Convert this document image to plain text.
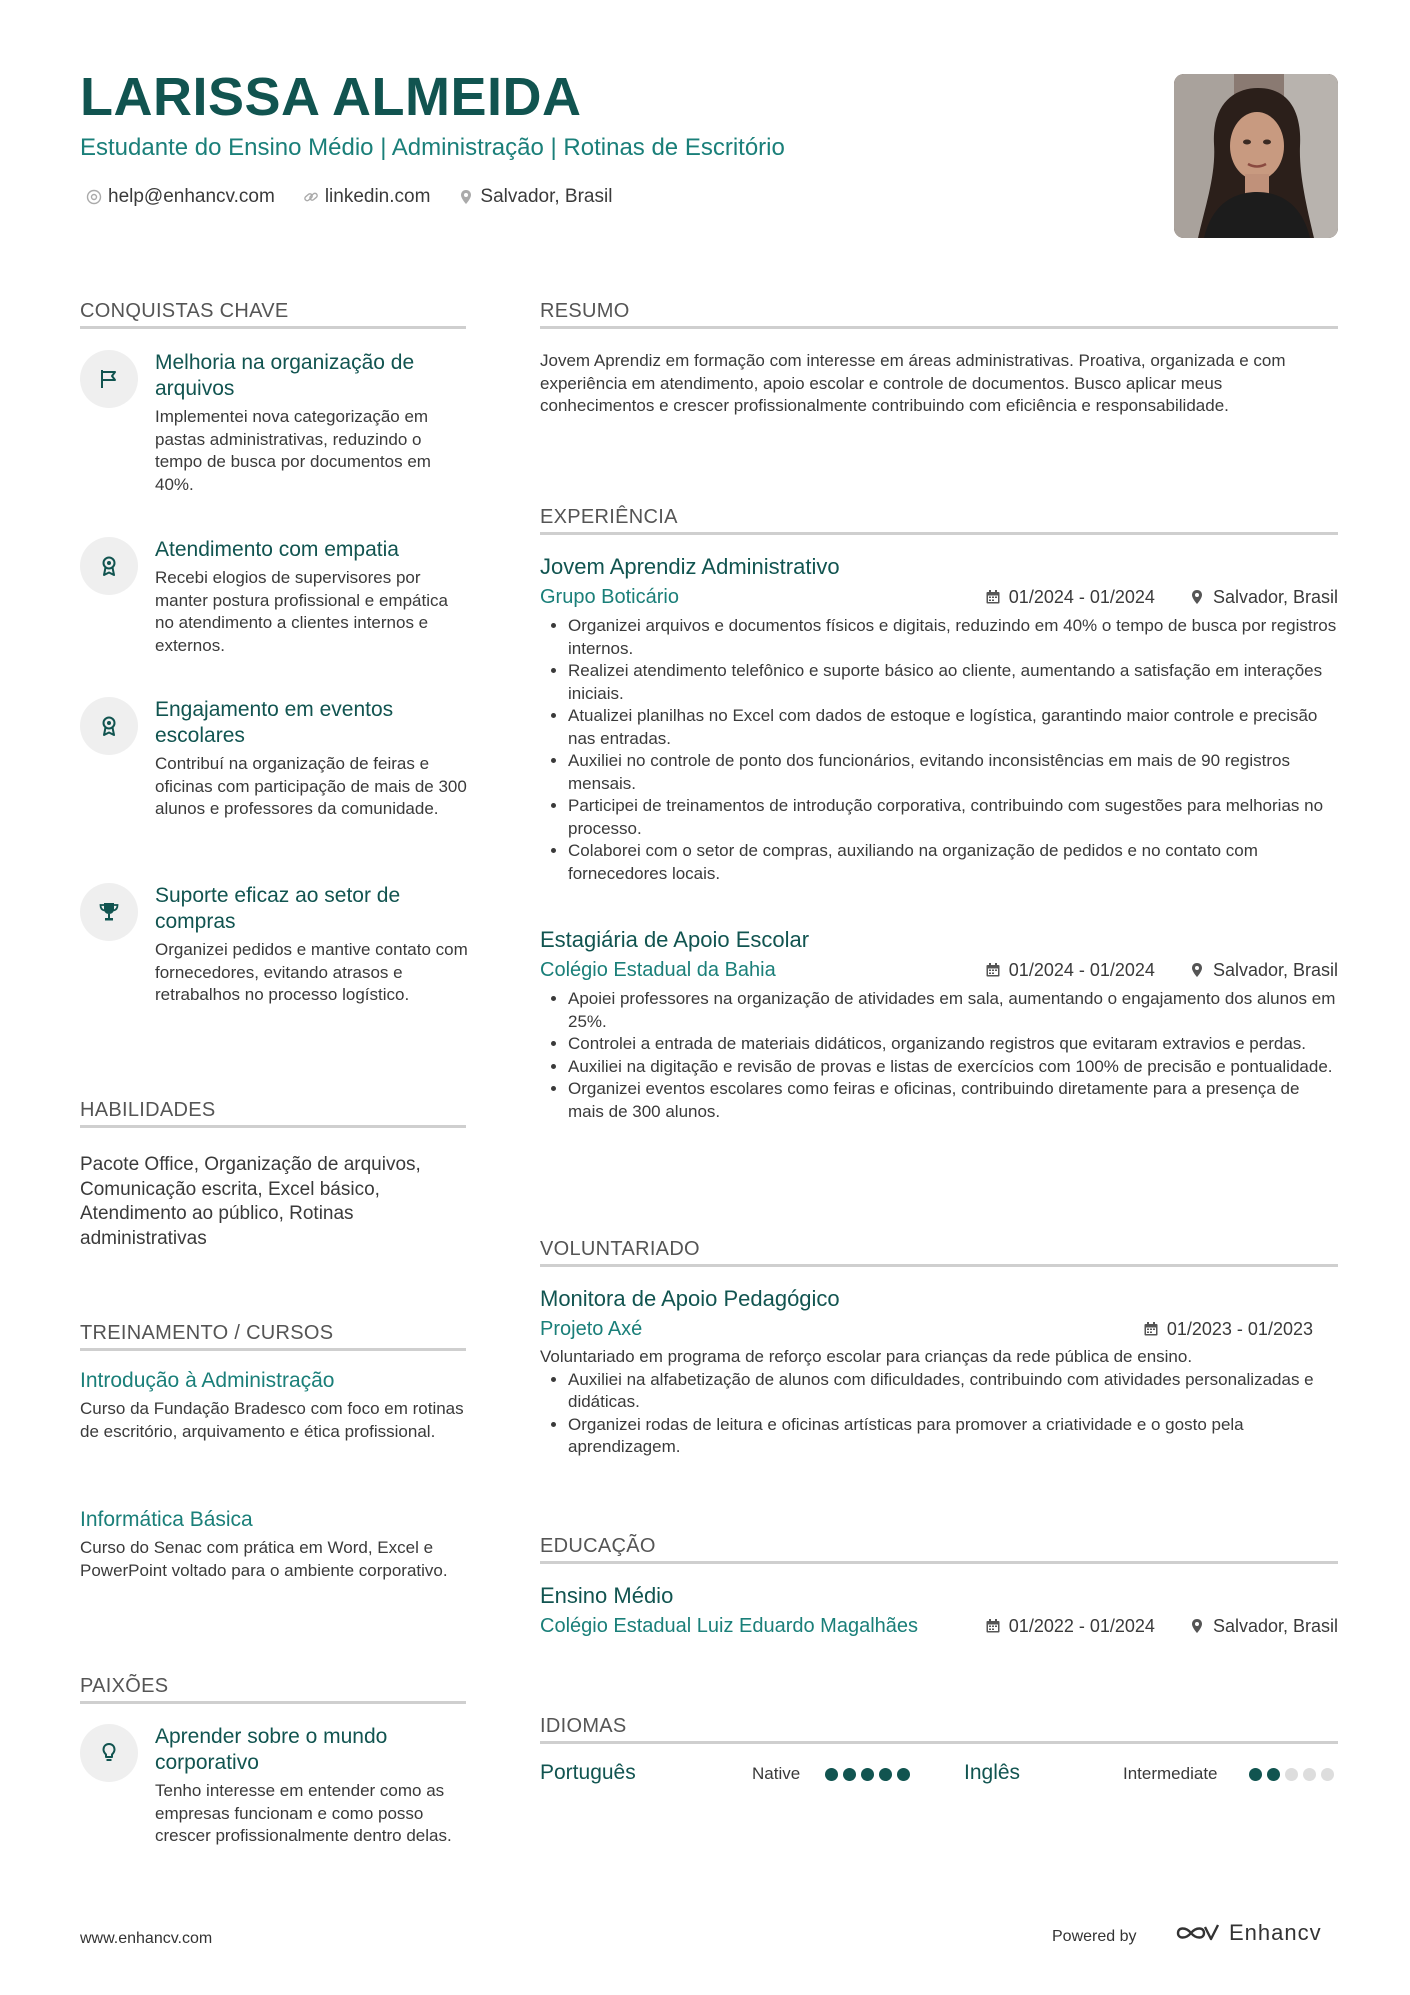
LARISSA ALMEIDA
Estudante do Ensino Médio | Administração | Rotinas de Escritório
help@enhancv.com	linkedin.com	Salvador, Brasil
CONQUISTAS CHAVE
Melhoria na organização de arquivos
Implementei nova categorização em pastas administrativas, reduzindo o tempo de busca por documentos em 40%.
Atendimento com empatia
Recebi elogios de supervisores por manter postura profissional e empática no atendimento a clientes internos e externos.
Engajamento em eventos escolares
Contribuí na organização de feiras e oficinas com participação de mais de 300 alunos e professores da comunidade.
Suporte eficaz ao setor de compras
Organizei pedidos e mantive contato com fornecedores, evitando atrasos e retrabalhos no processo logístico.
HABILIDADES
Pacote Office, Organização de arquivos, Comunicação escrita, Excel básico, Atendimento ao público, Rotinas administrativas
TREINAMENTO / CURSOS
Introdução à Administração
Curso da Fundação Bradesco com foco em rotinas de escritório, arquivamento e ética profissional.
Informática Básica
Curso do Senac com prática em Word, Excel e PowerPoint voltado para o ambiente corporativo.
PAIXÕES
Aprender sobre o mundo corporativo
Tenho interesse em entender como as empresas funcionam e como posso crescer profissionalmente dentro delas.
RESUMO
Jovem Aprendiz em formação com interesse em áreas administrativas. Proativa, organizada e com experiência em atendimento, apoio escolar e controle de documentos. Busco aplicar meus conhecimentos e crescer profissionalmente contribuindo com eficiência e responsabilidade.
EXPERIÊNCIA
Jovem Aprendiz Administrativo
Grupo Boticário	01/2024 - 01/2024	Salvador, Brasil
• Organizei arquivos e documentos físicos e digitais, reduzindo em 40% o tempo de busca por registros internos.
• Realizei atendimento telefônico e suporte básico ao cliente, aumentando a satisfação em interações iniciais.
• Atualizei planilhas no Excel com dados de estoque e logística, garantindo maior controle e precisão nas entradas.
• Auxiliei no controle de ponto dos funcionários, evitando inconsistências em mais de 90 registros mensais.
• Participei de treinamentos de introdução corporativa, contribuindo com sugestões para melhorias no processo.
• Colaborei com o setor de compras, auxiliando na organização de pedidos e no contato com fornecedores locais.
Estagiária de Apoio Escolar
Colégio Estadual da Bahia	01/2024 - 01/2024	Salvador, Brasil
• Apoiei professores na organização de atividades em sala, aumentando o engajamento dos alunos em 25%.
• Controlei a entrada de materiais didáticos, organizando registros que evitaram extravios e perdas.
• Auxiliei na digitação e revisão de provas e listas de exercícios com 100% de precisão e pontualidade.
• Organizei eventos escolares como feiras e oficinas, contribuindo diretamente para a presença de mais de 300 alunos.
VOLUNTARIADO
Monitora de Apoio Pedagógico
Projeto Axé	01/2023 - 01/2023
Voluntariado em programa de reforço escolar para crianças da rede pública de ensino.
• Auxiliei na alfabetização de alunos com dificuldades, contribuindo com atividades personalizadas e didáticas.
• Organizei rodas de leitura e oficinas artísticas para promover a criatividade e o gosto pela aprendizagem.
EDUCAÇÃO
Ensino Médio
Colégio Estadual Luiz Eduardo Magalhães	01/2022 - 01/2024	Salvador, Brasil
IDIOMAS
Português	Native	Inglês	Intermediate
www.enhancv.com	Powered by	Enhancv
